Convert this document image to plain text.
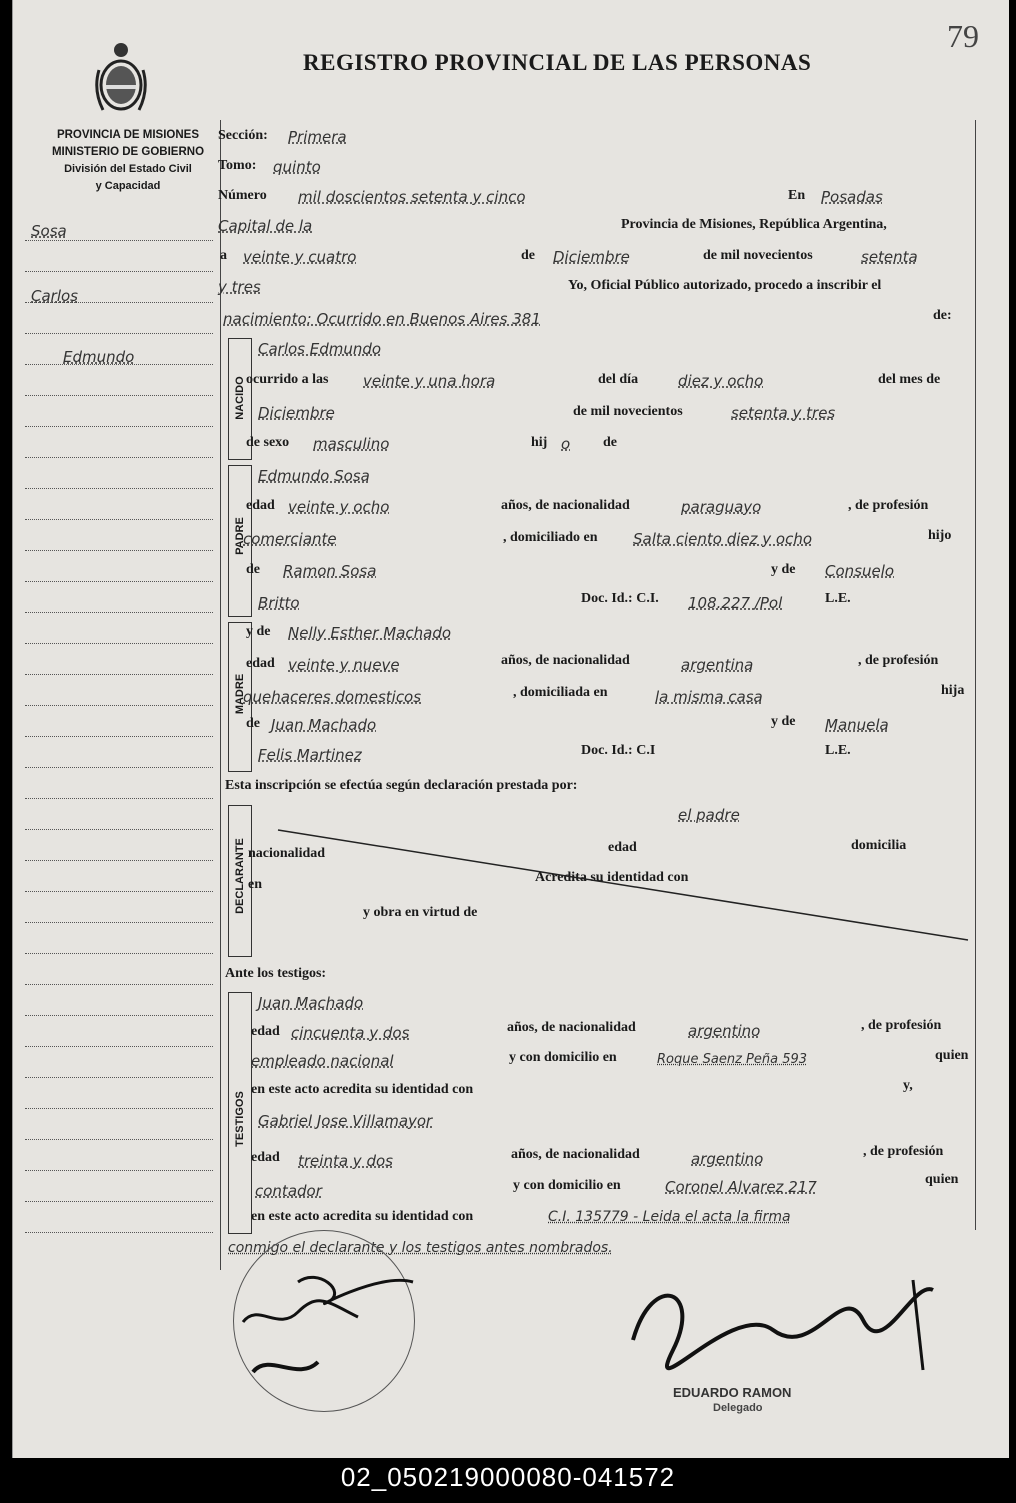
REGISTRO PROVINCIAL DE LAS PERSONAS
79
PROVINCIA DE MISIONES
MINISTERIO DE GOBIERNO
División del Estado Civil
y Capacidad
Sosa
Carlos
Edmundo
Sección: Primera
Tomo: quinto
Número mil doscientos setenta y cinco	En Posadas
Capital de la	Provincia de Misiones, República Argentina,
a veinte y cuatro	de Diciembre	de mil novecientos	setenta
y tres	Yo, Oficial Público autorizado, procedo a inscribir el
nacimiento: Ocurrido en Buenos Aires 381	de:
NACIDO
Carlos Edmundo
ocurrido a las veinte y una hora	del día	diez y ocho	del mes de
Diciembre	de mil novecientos	setenta y tres
de sexo masculino	hij o de
PADRE
Edmundo Sosa
edad veinte y ocho	años, de nacionalidad	paraguayo	, de profesión
comerciante	, domiciliado en Salta ciento diez y ocho	hijo
de Ramon Sosa	y de Consuelo
Britto	Doc. Id.: C.I. 108.227 /Pol	L.E.
MADRE
y de Nelly Esther Machado
edad veinte y nueve	años, de nacionalidad	argentina	, de profesión
quehaceres domesticos	, domiciliada en	la misma casa	hija
de Juan Machado	y de Manuela
Felis Martinez	Doc. Id.: C.I	L.E.
Esta inscripción se efectúa según declaración prestada por:
DECLARANTE
el padre
nacionalidad	edad	domicilia
en	Acredita su identidad con
y obra en virtud de
Ante los testigos:
TESTIGOS
Juan Machado
edad cincuenta y dos	años, de nacionalidad	argentino	, de profesión
empleado nacional	y con domicilio en	Roque Saenz Peña 593	quien
en este acto acredita su identidad con	y,
Gabriel Jose Villamayor
edad treinta y dos	años, de nacionalidad	argentino	, de profesión
contador	y con domicilio en	Coronel Alvarez 217	quien
en este acto acredita su identidad con	C.I. 135779 - Leida el acta la firma
conmigo el declarante y los testigos antes nombrados.
EDUARDO RAMON
Delegado
02_050219000080-041572
